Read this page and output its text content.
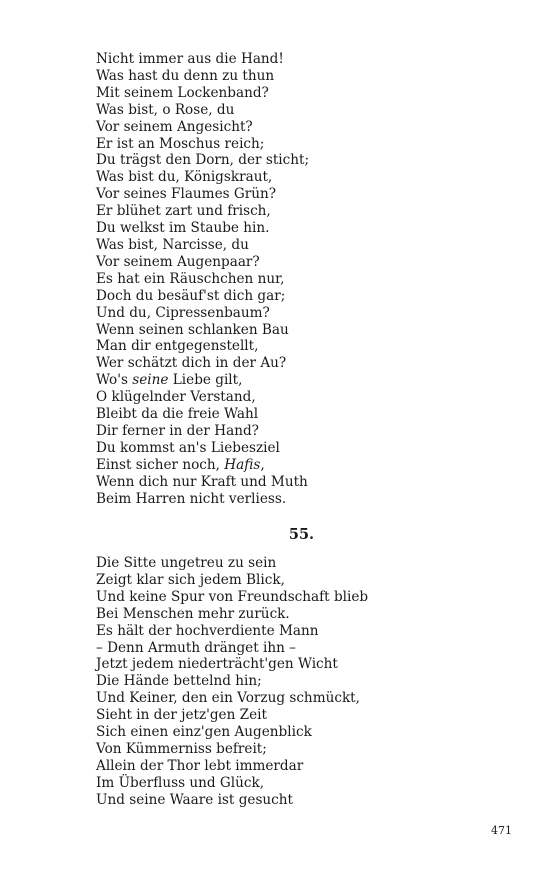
Nicht immer aus die Hand!
Was hast du denn zu thun
Mit seinem Lockenband?
Was bist, o Rose, du
Vor seinem Angesicht?
Er ist an Moschus reich;
Du trägst den Dorn, der sticht;
Was bist du, Königskraut,
Vor seines Flaumes Grün?
Er blühet zart und frisch,
Du welkst im Staube hin.
Was bist, Narcisse, du
Vor seinem Augenpaar?
Es hat ein Räuschchen nur,
Doch du besäuf'st dich gar;
Und du, Cipressenbaum?
Wenn seinen schlanken Bau
Man dir entgegenstellt,
Wer schätzt dich in der Au?
Wo's seine Liebe gilt,
O klügelnder Verstand,
Bleibt da die freie Wahl
Dir ferner in der Hand?
Du kommst an's Liebesziel
Einst sicher noch, Hafis,
Wenn dich nur Kraft und Muth
Beim Harren nicht verliess.
55.
Die Sitte ungetreu zu sein
Zeigt klar sich jedem Blick,
Und keine Spur von Freundschaft blieb
Bei Menschen mehr zurück.
Es hält der hochverdiente Mann
– Denn Armuth dränget ihn –
Jetzt jedem niederträcht'gen Wicht
Die Hände bettelnd hin;
Und Keiner, den ein Vorzug schmückt,
Sieht in der jetz'gen Zeit
Sich einen einz'gen Augenblick
Von Kümmerniss befreit;
Allein der Thor lebt immerdar
Im Überfluss und Glück,
Und seine Waare ist gesucht
471
